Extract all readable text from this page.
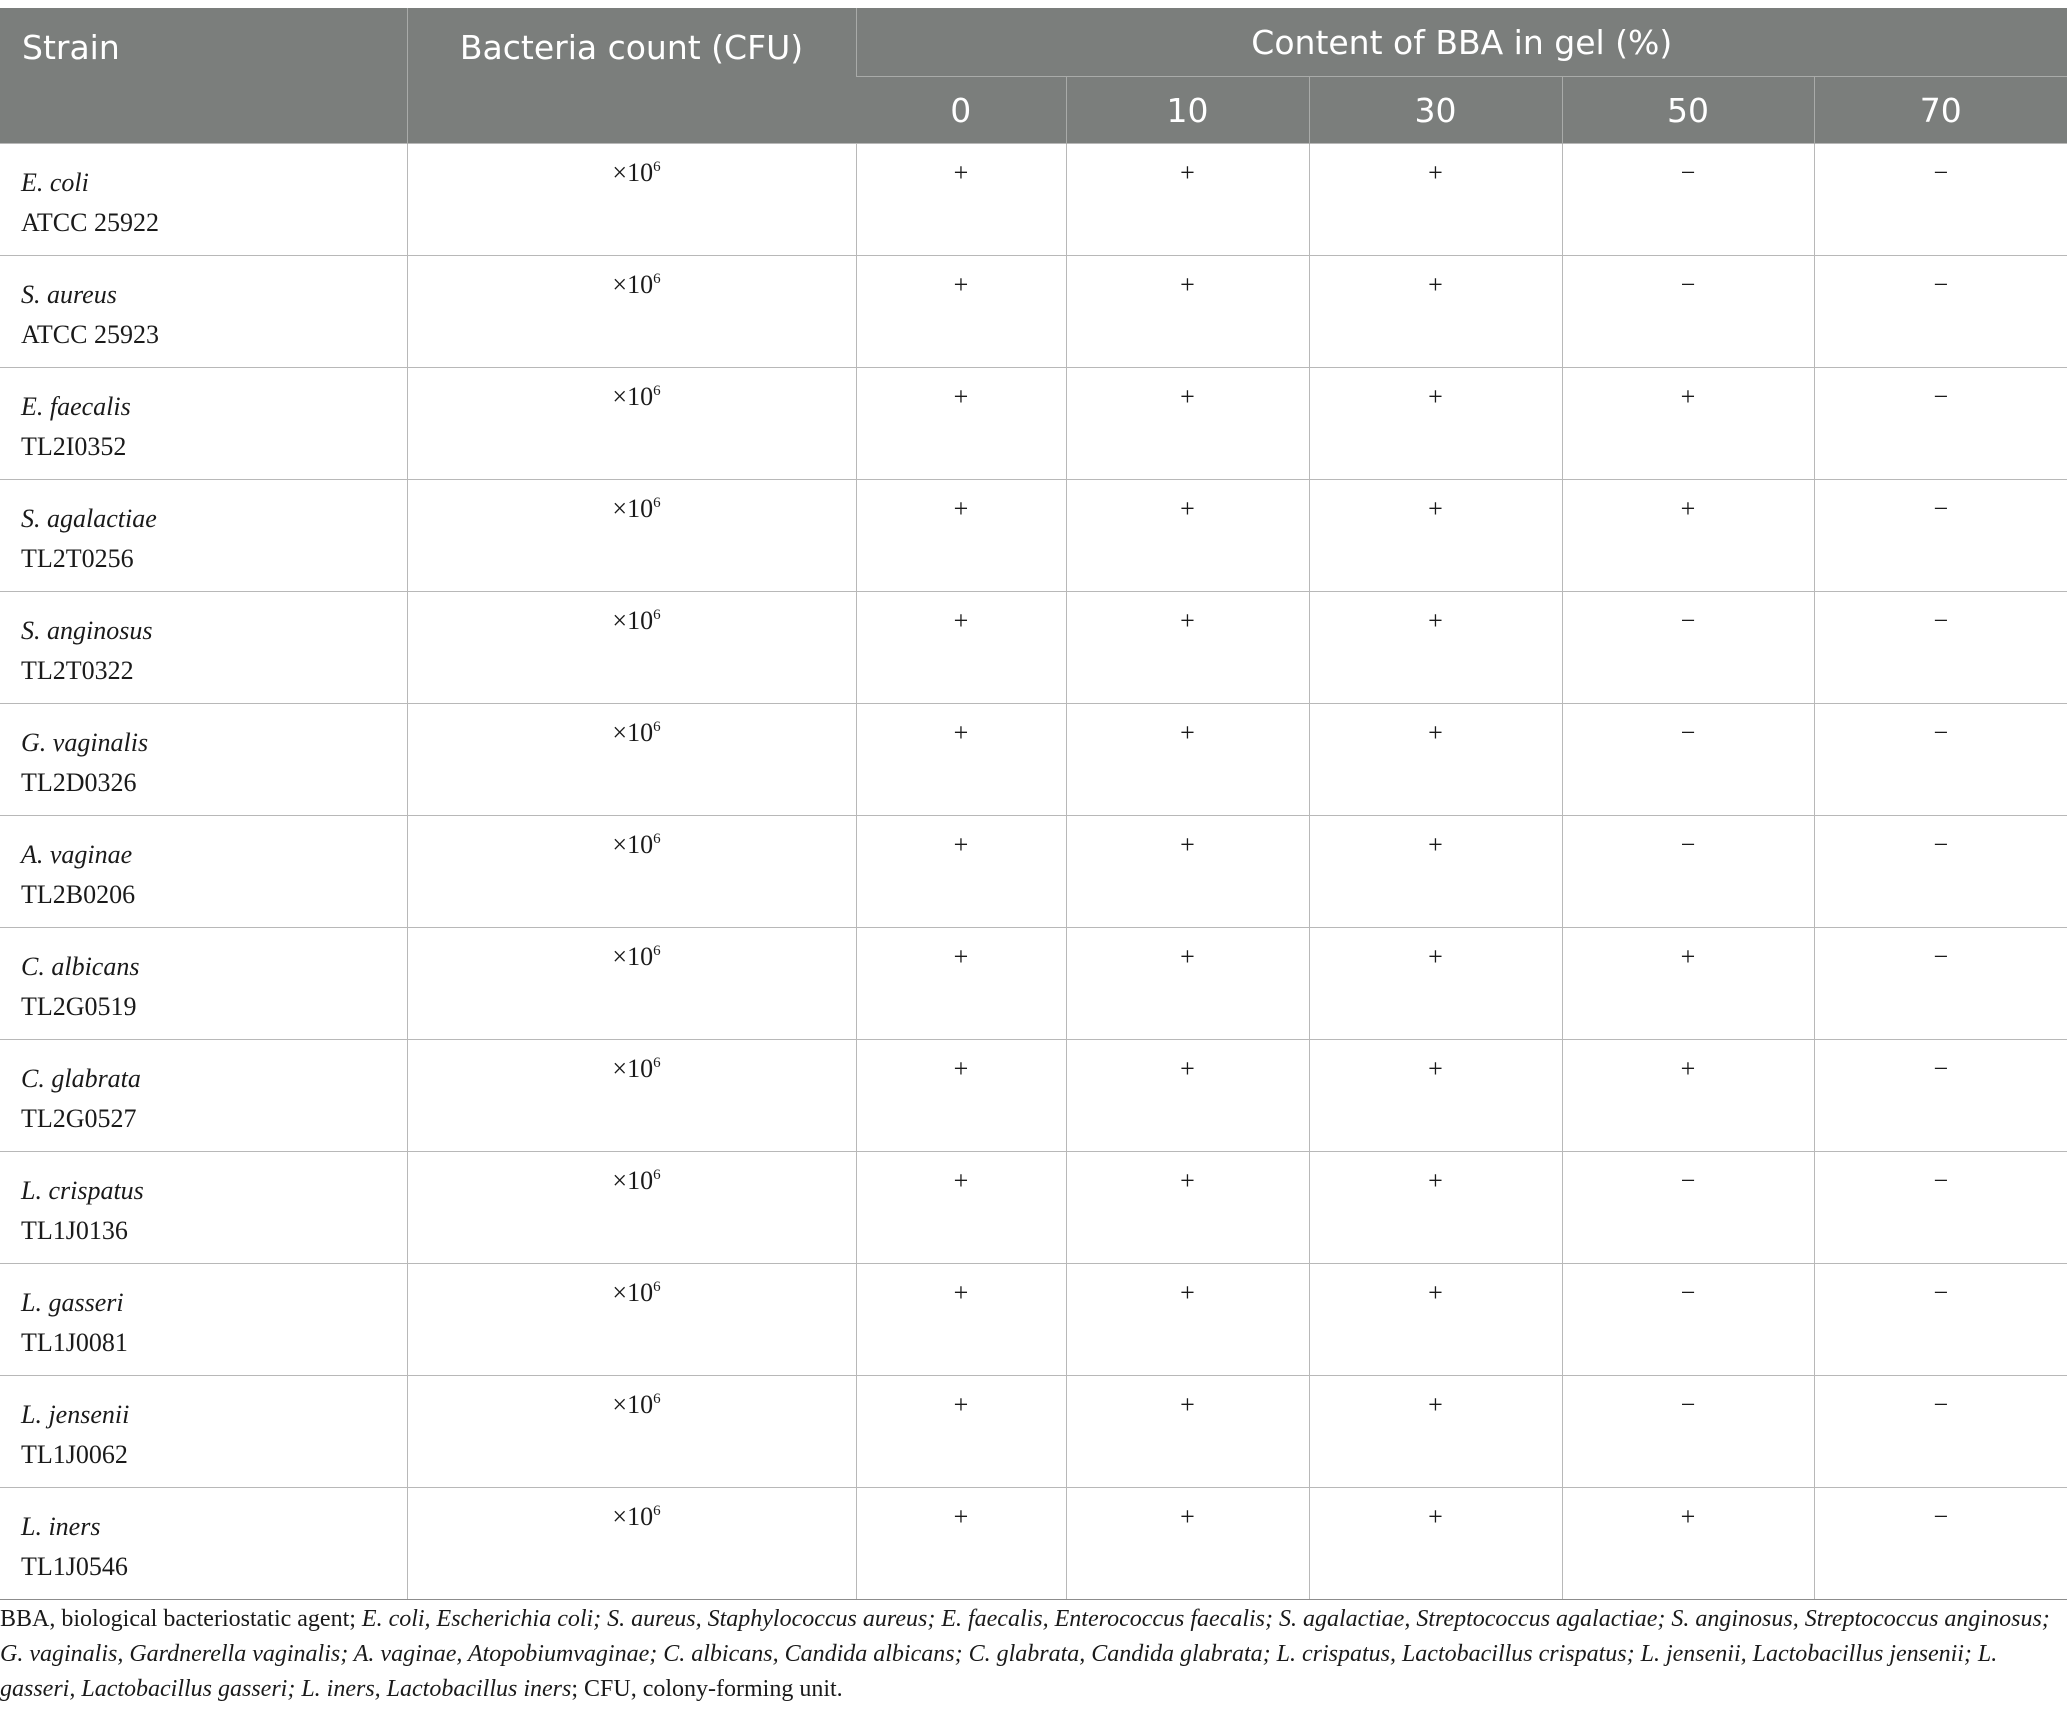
Strain	Bacteria count (CFU)	Content of BBA in gel (%)				
		0	10	30	50	70

E. coli
ATCC 25922	$\times 10^6$	+	+	+	−	−

S. aureus
ATCC 25923	$\times 10^6$	+	+	+	−	−

E. faecalis
TL2I0352	$\times 10^6$	+	+	+	+	−

S. agalactiae
TL2T0256	$\times 10^6$	+	+	+	+	−

S. anginosus
TL2T0322	$\times 10^6$	+	+	+	−	−

G. vaginalis
TL2D0326	$\times 10^6$	+	+	+	−	−

A. vaginae
TL2B0206	$\times 10^6$	+	+	+	−	−

C. albicans
TL2G0519	$\times 10^6$	+	+	+	+	−

C. glabrata
TL2G0527	$\times 10^6$	+	+	+	+	−

L. crispatus
TL1J0136	$\times 10^6$	+	+	+	−	−

L. gasseri
TL1J0081	$\times 10^6$	+	+	+	−	−

L. jensenii
TL1J0062	$\times 10^6$	+	+	+	−	−

L. iners
TL1J0546	$\times 10^6$	+	+	+	+	−
BBA, biological bacteriostatic agent; E. coli, Escherichia coli; S. aureus, Staphylococcus aureus; E. faecalis, Enterococcus faecalis; S. agalactiae, Streptococcus agalactiae; S. anginosus, Streptococcus anginosus; G. vaginalis, Gardnerella vaginalis; A. vaginae, Atopobiumvaginae; C. albicans, Candida albicans; C. glabrata, Candida glabrata; L. crispatus, Lactobacillus crispatus; L. jensenii, Lactobacillus jensenii; L. gasseri, Lactobacillus gasseri; L. iners, Lactobacillus iners; CFU, colony-forming unit.
